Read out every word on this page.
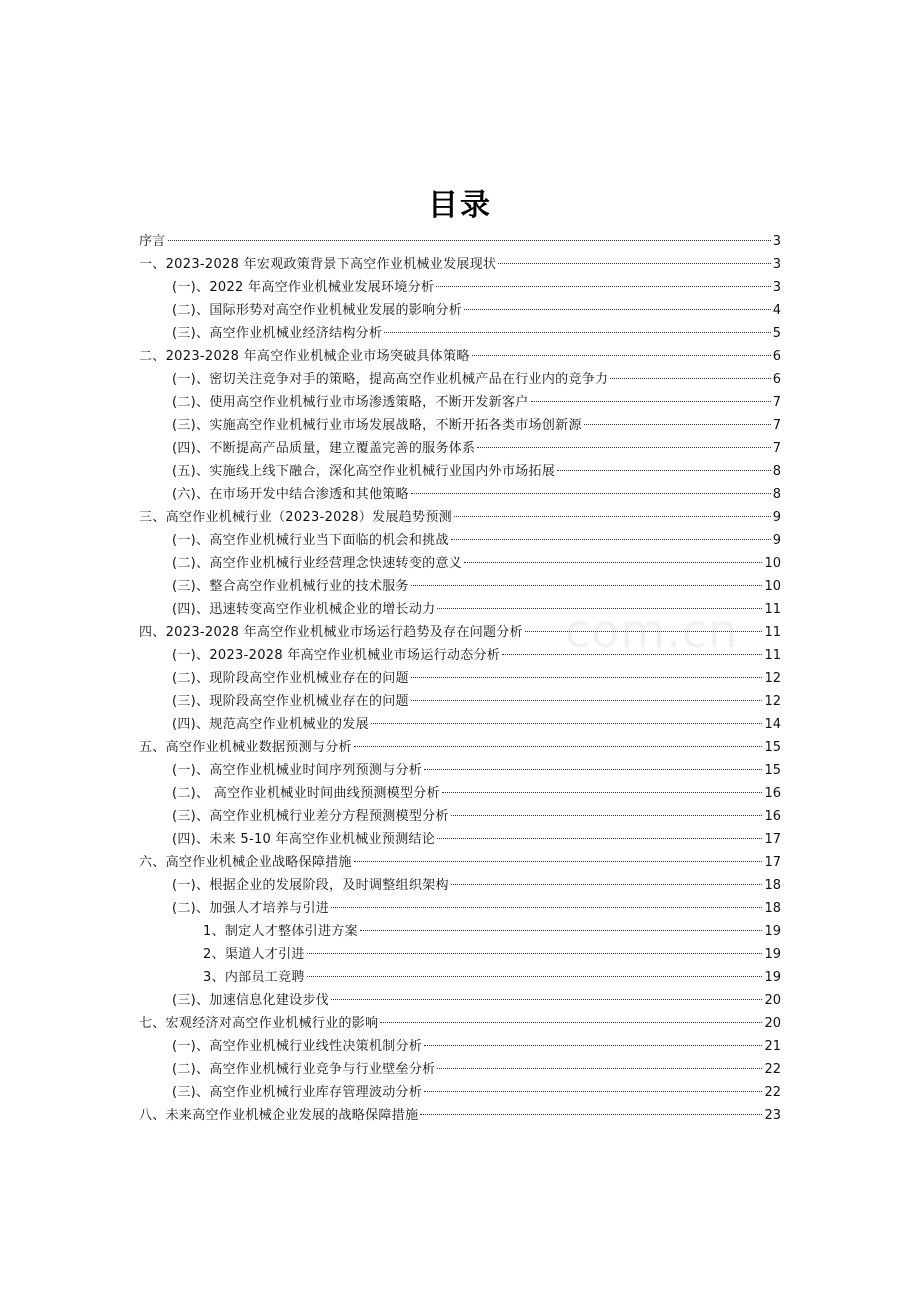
目录
序言	3
一、2023-2028 年宏观政策背景下高空作业机械业发展现状	3
(一)、2022 年高空作业机械业发展环境分析	3
(二)、国际形势对高空作业机械业发展的影响分析	4
(三)、高空作业机械业经济结构分析	5
二、2023-2028 年高空作业机械企业市场突破具体策略	6
(一)、密切关注竞争对手的策略，提高高空作业机械产品在行业内的竞争力	6
(二)、使用高空作业机械行业市场渗透策略，不断开发新客户	7
(三)、实施高空作业机械行业市场发展战略，不断开拓各类市场创新源	7
(四)、不断提高产品质量，建立覆盖完善的服务体系	7
(五)、实施线上线下融合，深化高空作业机械行业国内外市场拓展	8
(六)、在市场开发中结合渗透和其他策略	8
三、高空作业机械行业（2023-2028）发展趋势预测	9
(一)、高空作业机械行业当下面临的机会和挑战	9
(二)、高空作业机械行业经营理念快速转变的意义	10
(三)、整合高空作业机械行业的技术服务	10
(四)、迅速转变高空作业机械企业的增长动力	11
四、2023-2028 年高空作业机械业市场运行趋势及存在问题分析	11
(一)、2023-2028 年高空作业机械业市场运行动态分析	11
(二)、现阶段高空作业机械业存在的问题	12
(三)、现阶段高空作业机械业存在的问题	12
(四)、规范高空作业机械业的发展	14
五、高空作业机械业数据预测与分析	15
(一)、高空作业机械业时间序列预测与分析	15
(二)、 高空作业机械业时间曲线预测模型分析	16
(三)、高空作业机械行业差分方程预测模型分析	16
(四)、未来 5-10 年高空作业机械业预测结论	17
六、高空作业机械企业战略保障措施	17
(一)、根据企业的发展阶段，及时调整组织架构	18
(二)、加强人才培养与引进	18
1、制定人才整体引进方案	19
2、渠道人才引进	19
3、内部员工竞聘	19
(三)、加速信息化建设步伐	20
七、宏观经济对高空作业机械行业的影响	20
(一)、高空作业机械行业线性决策机制分析	21
(二)、高空作业机械行业竞争与行业壁垒分析	22
(三)、高空作业机械行业库存管理波动分析	22
八、未来高空作业机械企业发展的战略保障措施	23
com.cn
